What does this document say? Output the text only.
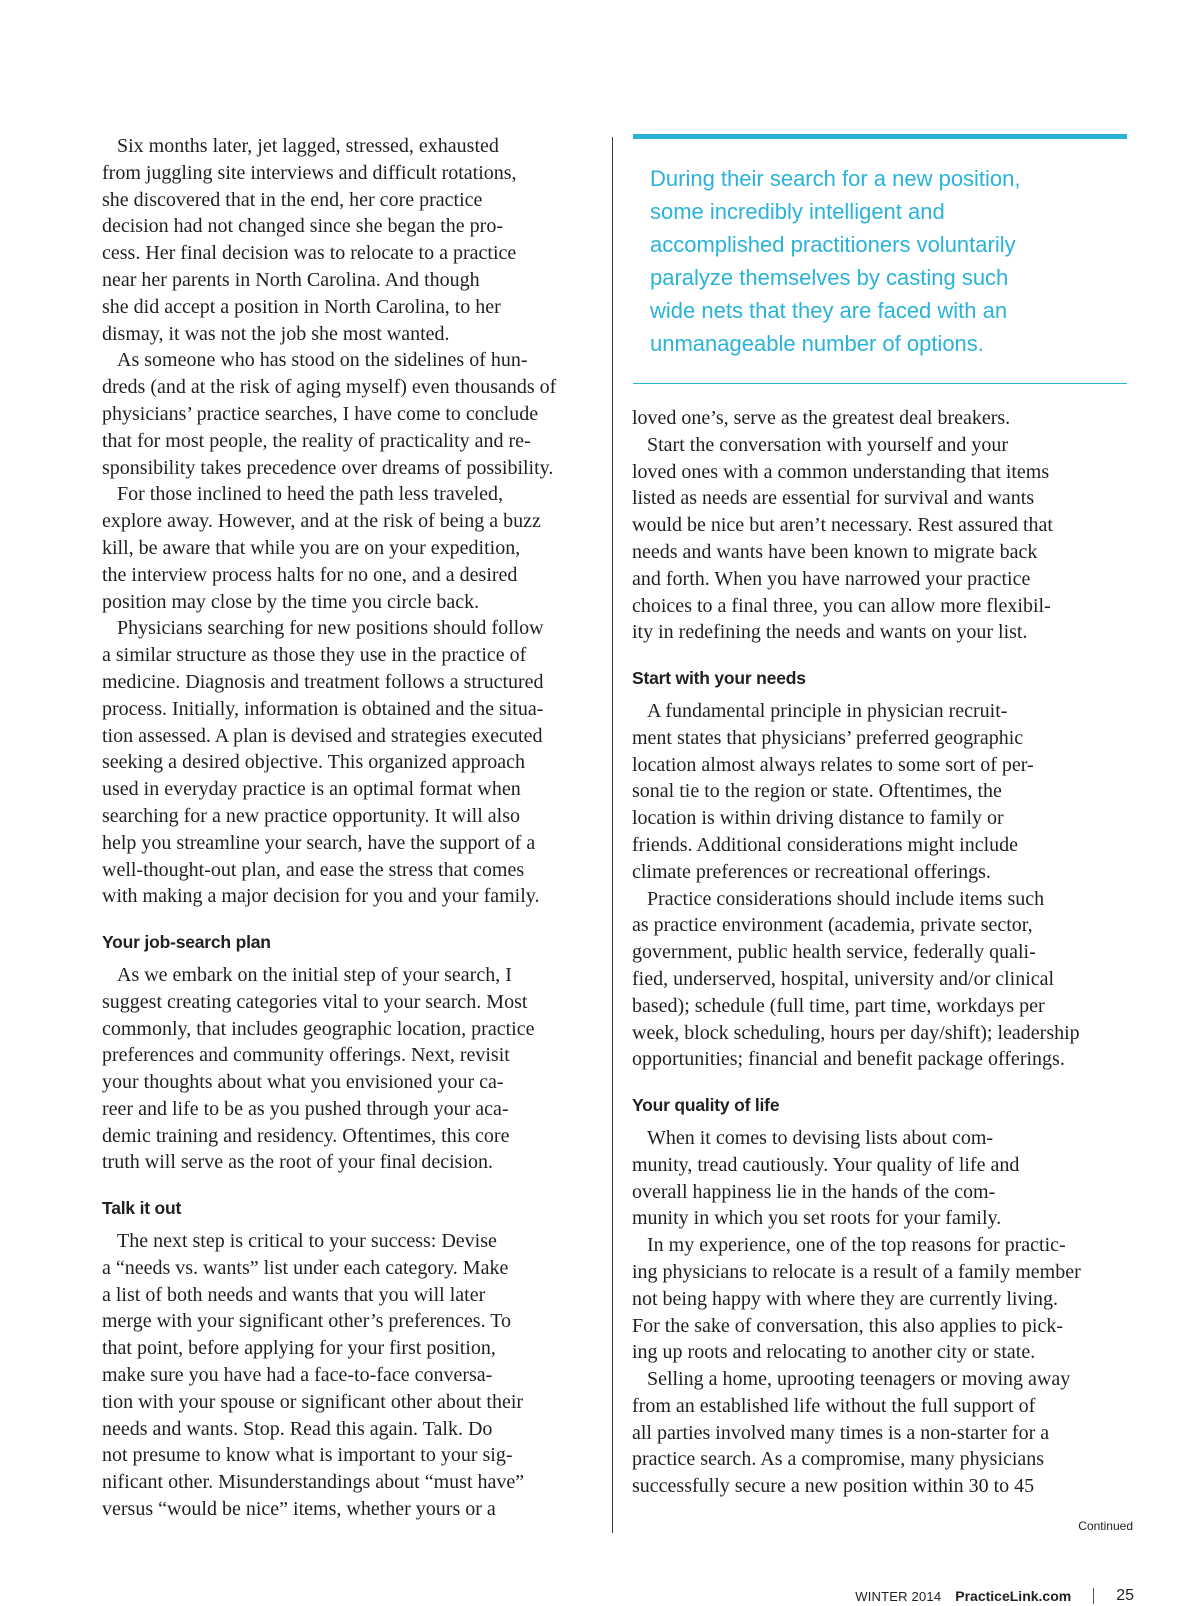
Six months later, jet lagged, stressed, exhausted
from juggling site interviews and difficult rotations,
she discovered that in the end, her core practice
decision had not changed since she began the pro-
cess. Her final decision was to relocate to a practice
near her parents in North Carolina. And though
she did accept a position in North Carolina, to her
dismay, it was not the job she most wanted.
As someone who has stood on the sidelines of hun-
dreds (and at the risk of aging myself) even thousands of
physicians’ practice searches, I have come to conclude
that for most people, the reality of practicality and re-
sponsibility takes precedence over dreams of possibility.
For those inclined to heed the path less traveled,
explore away. However, and at the risk of being a buzz
kill, be aware that while you are on your expedition,
the interview process halts for no one, and a desired
position may close by the time you circle back.
Physicians searching for new positions should follow
a similar structure as those they use in the practice of
medicine. Diagnosis and treatment follows a structured
process. Initially, information is obtained and the situa-
tion assessed. A plan is devised and strategies executed
seeking a desired objective. This organized approach
used in everyday practice is an optimal format when
searching for a new practice opportunity. It will also
help you streamline your search, have the support of a
well-thought-out plan, and ease the stress that comes
with making a major decision for you and your family.
Your job-search plan
As we embark on the initial step of your search, I
suggest creating categories vital to your search. Most
commonly, that includes geographic location, practice
preferences and community offerings. Next, revisit
your thoughts about what you envisioned your ca-
reer and life to be as you pushed through your aca-
demic training and residency. Oftentimes, this core
truth will serve as the root of your final decision.
Talk it out
The next step is critical to your success: Devise
a “needs vs. wants” list under each category. Make
a list of both needs and wants that you will later
merge with your significant other’s preferences. To
that point, before applying for your first position,
make sure you have had a face-to-face conversa-
tion with your spouse or significant other about their
needs and wants. Stop. Read this again. Talk. Do
not presume to know what is important to your sig-
nificant other. Misunderstandings about “must have”
versus “would be nice” items, whether yours or a
During their search for a new position,
some incredibly intelligent and
accomplished practitioners voluntarily
paralyze themselves by casting such
wide nets that they are faced with an
unmanageable number of options.
loved one’s, serve as the greatest deal breakers.
Start the conversation with yourself and your
loved ones with a common understanding that items
listed as needs are essential for survival and wants
would be nice but aren’t necessary. Rest assured that
needs and wants have been known to migrate back
and forth. When you have narrowed your practice
choices to a final three, you can allow more flexibil-
ity in redefining the needs and wants on your list.
Start with your needs
A fundamental principle in physician recruit-
ment states that physicians’ preferred geographic
location almost always relates to some sort of per-
sonal tie to the region or state. Oftentimes, the
location is within driving distance to family or
friends. Additional considerations might include
climate preferences or recreational offerings.
Practice considerations should include items such
as practice environment (academia, private sector,
government, public health service, federally quali-
fied, underserved, hospital, university and/or clinical
based); schedule (full time, part time, workdays per
week, block scheduling, hours per day/shift); leadership
opportunities; financial and benefit package offerings.
Your quality of life
When it comes to devising lists about com-
munity, tread cautiously. Your quality of life and
overall happiness lie in the hands of the com-
munity in which you set roots for your family.
In my experience, one of the top reasons for practic-
ing physicians to relocate is a result of a family member
not being happy with where they are currently living.
For the sake of conversation, this also applies to pick-
ing up roots and relocating to another city or state.
Selling a home, uprooting teenagers or moving away
from an established life without the full support of
all parties involved many times is a non-starter for a
practice search. As a compromise, many physicians
successfully secure a new position within 30 to 45
Continued
WINTER 2014 PracticeLink.com	25
